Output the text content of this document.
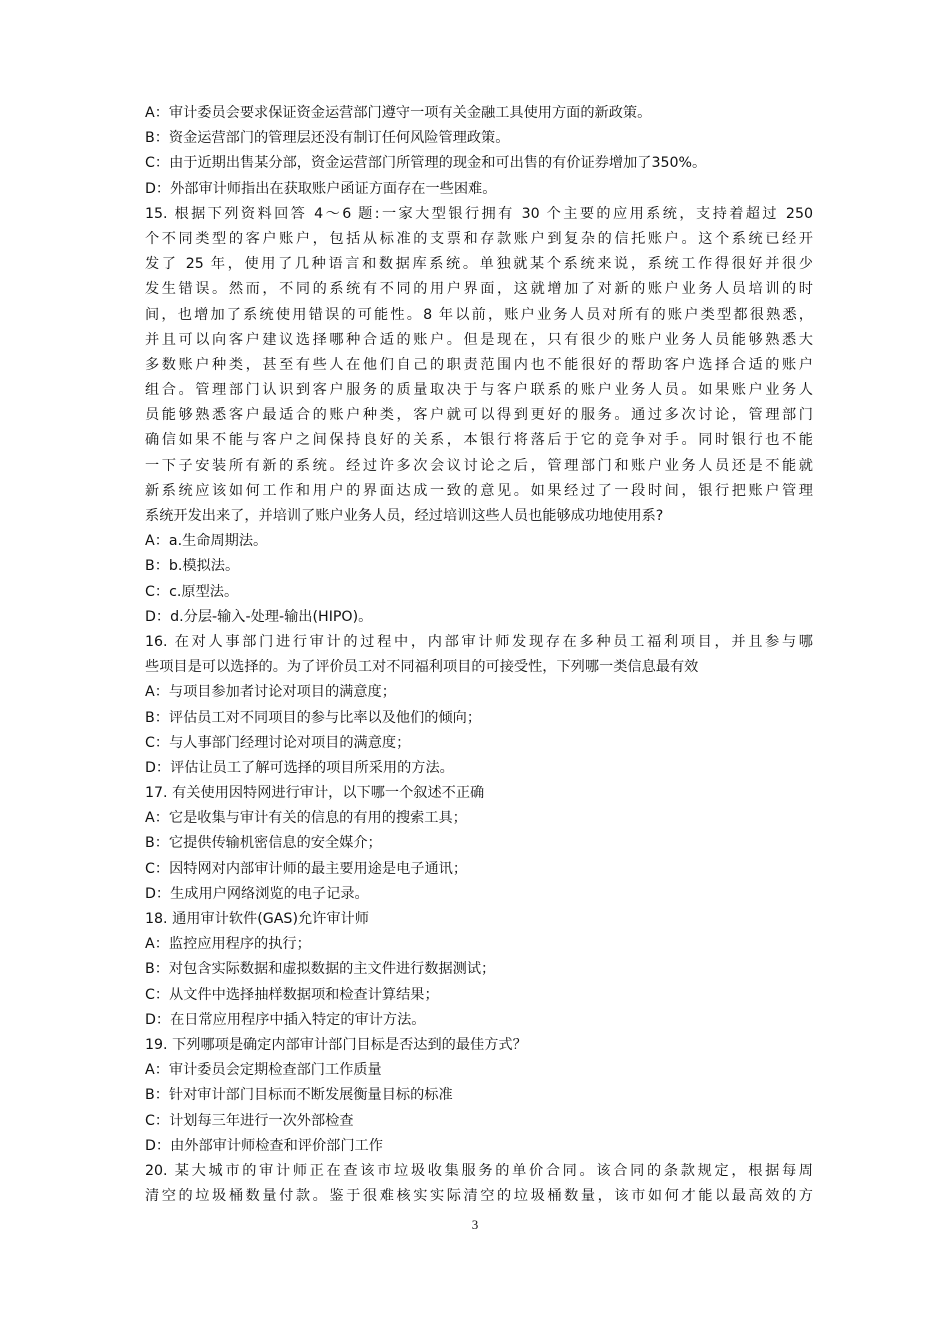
A：审计委员会要求保证资金运营部门遵守一项有关金融工具使用方面的新政策。
B：资金运营部门的管理层还没有制订任何风险管理政策。
C：由于近期出售某分部，资金运营部门所管理的现金和可出售的有价证券增加了350%。
D：外部审计师指出在获取账户函证方面存在一些困难。
15. 根据下列资料回答 4～6 题:一家大型银行拥有 30 个主要的应用系统，支持着超过 250
个不同类型的客户账户，包括从标准的支票和存款账户到复杂的信托账户。这个系统已经开
发了 25 年，使用了几种语言和数据库系统。单独就某个系统来说，系统工作得很好并很少
发生错误。然而，不同的系统有不同的用户界面，这就增加了对新的账户业务人员培训的时
间，也增加了系统使用错误的可能性。8 年以前，账户业务人员对所有的账户类型都很熟悉，
并且可以向客户建议选择哪种合适的账户。但是现在，只有很少的账户业务人员能够熟悉大
多数账户种类，甚至有些人在他们自己的职责范围内也不能很好的帮助客户选择合适的账户
组合。管理部门认识到客户服务的质量取决于与客户联系的账户业务人员。如果账户业务人
员能够熟悉客户最适合的账户种类，客户就可以得到更好的服务。通过多次讨论，管理部门
确信如果不能与客户之间保持良好的关系，本银行将落后于它的竞争对手。同时银行也不能
一下子安装所有新的系统。经过许多次会议讨论之后，管理部门和账户业务人员还是不能就
新系统应该如何工作和用户的界面达成一致的意见。如果经过了一段时间，银行把账户管理
系统开发出来了，并培训了账户业务人员，经过培训这些人员也能够成功地使用系?
A：a.生命周期法。
B：b.模拟法。
C：c.原型法。
D：d.分层-输入-处理-输出(HIPO)。
16. 在对人事部门进行审计的过程中，内部审计师发现存在多种员工福利项目，并且参与哪
些项目是可以选择的。为了评价员工对不同福利项目的可接受性，下列哪一类信息最有效
A：与项目参加者讨论对项目的满意度；
B：评估员工对不同项目的参与比率以及他们的倾向；
C：与人事部门经理讨论对项目的满意度；
D：评估让员工了解可选择的项目所采用的方法。
17. 有关使用因特网进行审计，以下哪一个叙述不正确
A：它是收集与审计有关的信息的有用的搜索工具；
B：它提供传输机密信息的安全媒介；
C：因特网对内部审计师的最主要用途是电子通讯；
D：生成用户网络浏览的电子记录。
18. 通用审计软件(GAS)允许审计师
A：监控应用程序的执行；
B：对包含实际数据和虚拟数据的主文件进行数据测试；
C：从文件中选择抽样数据项和检查计算结果；
D：在日常应用程序中插入特定的审计方法。
19. 下列哪项是确定内部审计部门目标是否达到的最佳方式？
A：审计委员会定期检查部门工作质量
B：针对审计部门目标而不断发展衡量目标的标准
C：计划每三年进行一次外部检查
D：由外部审计师检查和评价部门工作
20. 某大城市的审计师正在查该市垃圾收集服务的单价合同。该合同的条款规定，根据每周
清空的垃圾桶数量付款。鉴于很难核实实际清空的垃圾桶数量，该市如何才能以最高效的方
3
